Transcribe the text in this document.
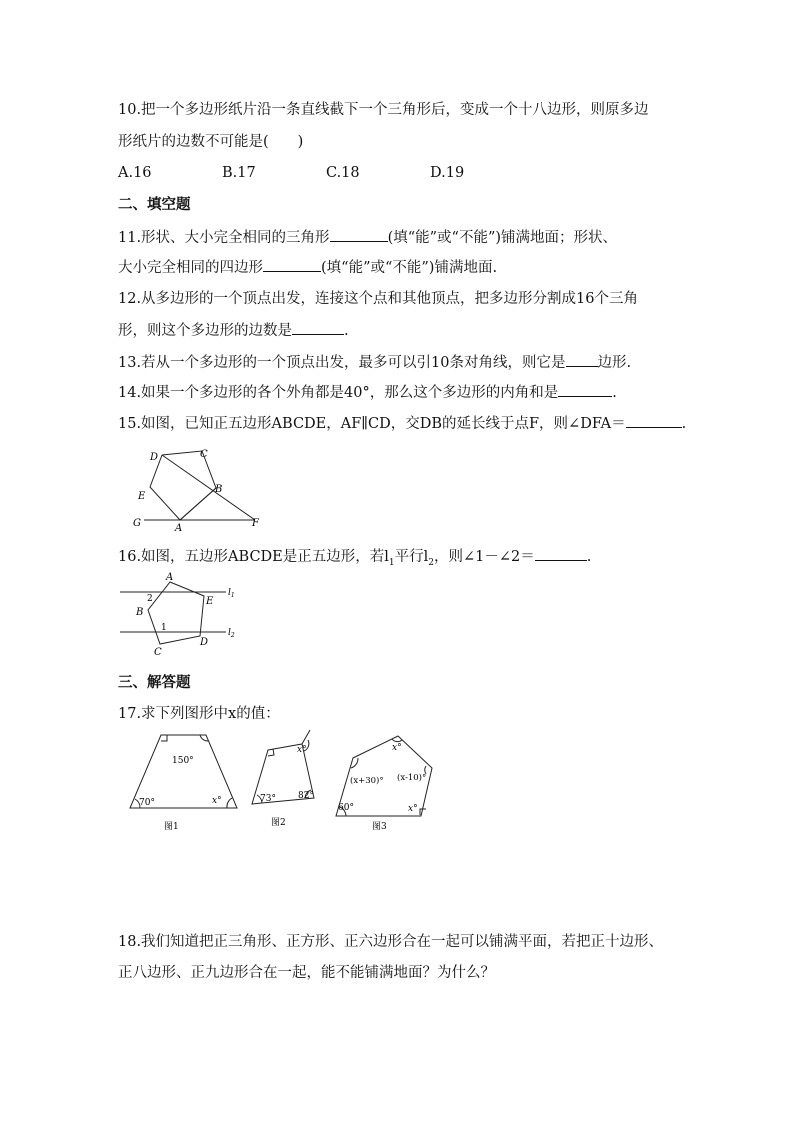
10.把一个多边形纸片沿一条直线截下一个三角形后，变成一个十八边形，则原多边
形纸片的边数不可能是(　　)
A.16	B.17	C.18	D.19
二、填空题
11.形状、大小完全相同的三角形	(填“能”或“不能”)铺满地面；形状、
大小完全相同的四边形	(填“能”或“不能”)铺满地面.
12.从多边形的一个顶点出发，连接这个点和其他顶点，把多边形分割成16个三角
形，则这个多边形的边数是	.
13.若从一个多边形的一个顶点出发，最多可以引10条对角线，则它是 边形.
14.如果一个多边形的各个外角都是40°，那么这个多边形的内角和是	.
15.如图，已知正五边形ABCDE，AF∥CD，交DB的延长线于点F，则∠DFA＝	.
D	C
E
B
G	A	F
16.如图，五边形ABCDE是正五边形，若$l_1$平行$l_2$，则∠1－∠2＝	.
A
E
B
C
D
1
2
$l_1$
$l_2$
三、解答题
17.求下列图形中x的值：
150°
70°	x°
图1
x°
73° 82°
图2
x°
(x+30)° (x-10)°
60°	x°
图3
18.我们知道把正三角形、正方形、正六边形合在一起可以铺满平面，若把正十边形、
正八边形、正九边形合在一起，能不能铺满地面？为什么？
